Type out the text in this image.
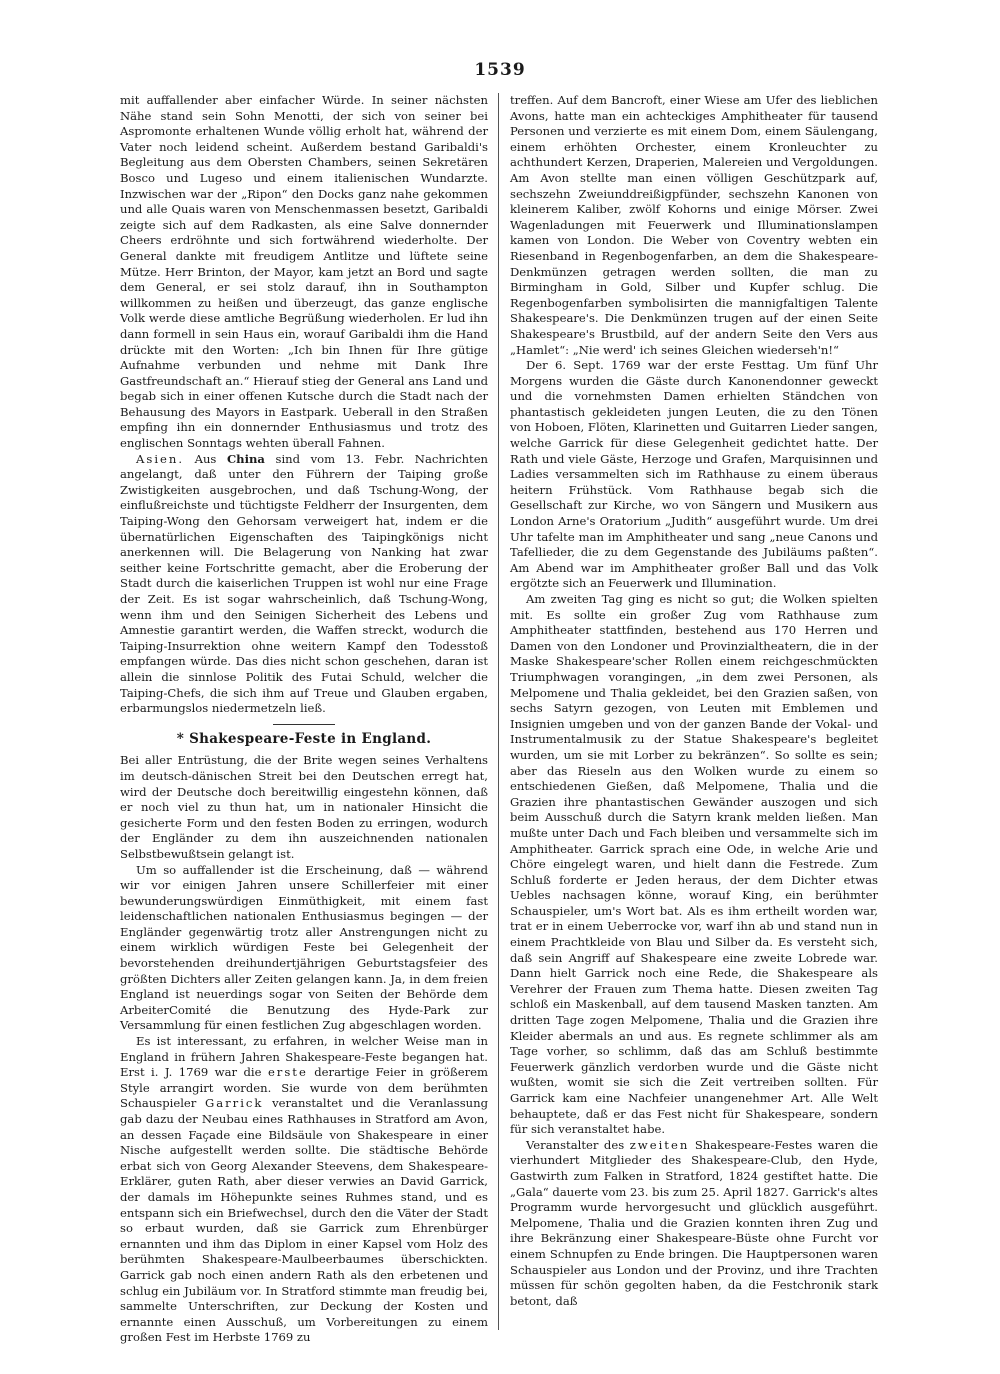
1539

mit auffallender aber einfacher Würde. In seiner nächsten Nähe stand sein Sohn Menotti, der sich von seiner bei Aspromonte erhaltenen Wunde völlig erholt hat, während der Vater noch leidend scheint. Außerdem bestand Garibaldi's Begleitung aus dem Obersten Chambers, seinen Sekretären Bosco und Lugeso und einem italienischen Wundarzte. Inzwischen war der „Ripon“ den Docks ganz nahe gekommen und alle Quais waren von Menschenmassen besetzt, Garibaldi zeigte sich auf dem Radkasten, als eine Salve donnernder Cheers erdröhnte und sich fortwährend wiederholte. Der General dankte mit freudigem Antlitze und lüftete seine Mütze. Herr Brinton, der Mayor, kam jetzt an Bord und sagte dem General, er sei stolz darauf, ihn in Southampton willkommen zu heißen und überzeugt, das ganze englische Volk werde diese amtliche Begrüßung wiederholen. Er lud ihn dann formell in sein Haus ein, worauf Garibaldi ihm die Hand drückte mit den Worten: „Ich bin Ihnen für Ihre gütige Aufnahme verbunden und nehme mit Dank Ihre Gastfreundschaft an.“ Hierauf stieg der General ans Land und begab sich in einer offenen Kutsche durch die Stadt nach der Behausung des Mayors in Eastpark. Ueberall in den Straßen empfing ihn ein donnernder Enthusiasmus und trotz des englischen Sonntags wehten überall Fahnen.

Asien. Aus China sind vom 13. Febr. Nachrichten angelangt, daß unter den Führern der Taiping große Zwistigkeiten ausgebrochen, und daß Tschung-Wong, der einflußreichste und tüchtigste Feldherr der Insurgenten, dem Taiping-Wong den Gehorsam verweigert hat, indem er die übernatürlichen Eigenschaften des Taipingkönigs nicht anerkennen will. Die Belagerung von Nanking hat zwar seither keine Fortschritte gemacht, aber die Eroberung der Stadt durch die kaiserlichen Truppen ist wohl nur eine Frage der Zeit. Es ist sogar wahrscheinlich, daß Tschung-Wong, wenn ihm und den Seinigen Sicherheit des Lebens und Amnestie garantirt werden, die Waffen streckt, wodurch die Taiping-Insurrektion ohne weitern Kampf den Todesstoß empfangen würde. Das dies nicht schon geschehen, daran ist allein die sinnlose Politik des Futai Schuld, welcher die Taiping-Chefs, die sich ihm auf Treue und Glauben ergaben, erbarmungslos niedermetzeln ließ.

* Shakespeare-Feste in England.

Bei aller Entrüstung, die der Brite wegen seines Verhaltens im deutsch-dänischen Streit bei den Deutschen erregt hat, wird der Deutsche doch bereitwillig eingestehn können, daß er noch viel zu thun hat, um in nationaler Hinsicht die gesicherte Form und den festen Boden zu erringen, wodurch der Engländer zu dem ihn auszeichnenden nationalen Selbstbewußtsein gelangt ist.

Um so auffallender ist die Erscheinung, daß — während wir vor einigen Jahren unsere Schillerfeier mit einer bewunderungswürdigen Einmüthigkeit, mit einem fast leidenschaftlichen nationalen Enthusiasmus begingen — der Engländer gegenwärtig trotz aller Anstrengungen nicht zu einem wirklich würdigen Feste bei Gelegenheit der bevorstehenden dreihundertjährigen Geburtstagsfeier des größten Dichters aller Zeiten gelangen kann. Ja, in dem freien England ist neuerdings sogar von Seiten der Behörde dem ArbeiterComité die Benutzung des Hyde-Park zur Versammlung für einen festlichen Zug abgeschlagen worden.

Es ist interessant, zu erfahren, in welcher Weise man in England in frühern Jahren Shakespeare-Feste begangen hat. Erst i. J. 1769 war die erste derartige Feier in größerem Style arrangirt worden. Sie wurde von dem berühmten Schauspieler Garrick veranstaltet und die Veranlassung gab dazu der Neubau eines Rathhauses in Stratford am Avon, an dessen Façade eine Bildsäule von Shakespeare in einer Nische aufgestellt werden sollte. Die städtische Behörde erbat sich von Georg Alexander Steevens, dem Shakespeare-Erklärer, guten Rath, aber dieser verwies an David Garrick, der damals im Höhepunkte seines Ruhmes stand, und es entspann sich ein Briefwechsel, durch den die Väter der Stadt so erbaut wurden, daß sie Garrick zum Ehrenbürger ernannten und ihm das Diplom in einer Kapsel vom Holz des berühmten Shakespeare-Maulbeerbaumes überschickten. Garrick gab noch einen andern Rath als den erbetenen und schlug ein Jubiläum vor. In Stratford stimmte man freudig bei, sammelte Unterschriften, zur Deckung der Kosten und ernannte einen Ausschuß, um Vorbereitungen zu einem großen Fest im Herbste 1769 zu

treffen. Auf dem Bancroft, einer Wiese am Ufer des lieblichen Avons, hatte man ein achteckiges Amphitheater für tausend Personen und verzierte es mit einem Dom, einem Säulengang, einem erhöhten Orchester, einem Kronleuchter zu achthundert Kerzen, Draperien, Malereien und Vergoldungen. Am Avon stellte man einen völligen Geschützpark auf, sechszehn Zweiunddreißigpfünder, sechszehn Kanonen von kleinerem Kaliber, zwölf Kohorns und einige Mörser. Zwei Wagenladungen mit Feuerwerk und Illuminationslampen kamen von London. Die Weber von Coventry webten ein Riesenband in Regenbogenfarben, an dem die Shakespeare-Denkmünzen getragen werden sollten, die man zu Birmingham in Gold, Silber und Kupfer schlug. Die Regenbogenfarben symbolisirten die mannigfaltigen Talente Shakespeare's. Die Denkmünzen trugen auf der einen Seite Shakespeare's Brustbild, auf der andern Seite den Vers aus „Hamlet“: „Nie werd' ich seines Gleichen wiederseh'n!“

Der 6. Sept. 1769 war der erste Festtag. Um fünf Uhr Morgens wurden die Gäste durch Kanonendonner geweckt und die vornehmsten Damen erhielten Ständchen von phantastisch gekleideten jungen Leuten, die zu den Tönen von Hoboen, Flöten, Klarinetten und Guitarren Lieder sangen, welche Garrick für diese Gelegenheit gedichtet hatte. Der Rath und viele Gäste, Herzoge und Grafen, Marquisinnen und Ladies versammelten sich im Rathhause zu einem überaus heitern Frühstück. Vom Rathhause begab sich die Gesellschaft zur Kirche, wo von Sängern und Musikern aus London Arne's Oratorium „Judith“ ausgeführt wurde. Um drei Uhr tafelte man im Amphitheater und sang „neue Canons und Tafellieder, die zu dem Gegenstande des Jubiläums paßten“. Am Abend war im Amphitheater großer Ball und das Volk ergötzte sich an Feuerwerk und Illumination.

Am zweiten Tag ging es nicht so gut; die Wolken spielten mit. Es sollte ein großer Zug vom Rathhause zum Amphitheater stattfinden, bestehend aus 170 Herren und Damen von den Londoner und Provinzialtheatern, die in der Maske Shakespeare'scher Rollen einem reichgeschmückten Triumphwagen vorangingen, „in dem zwei Personen, als Melpomene und Thalia gekleidet, bei den Grazien saßen, von sechs Satyrn gezogen, von Leuten mit Emblemen und Insignien umgeben und von der ganzen Bande der Vokal- und Instrumentalmusik zu der Statue Shakespeare's begleitet wurden, um sie mit Lorber zu bekränzen“. So sollte es sein; aber das Rieseln aus den Wolken wurde zu einem so entschiedenen Gießen, daß Melpomene, Thalia und die Grazien ihre phantastischen Gewänder auszogen und sich beim Ausschuß durch die Satyrn krank melden ließen. Man mußte unter Dach und Fach bleiben und versammelte sich im Amphitheater. Garrick sprach eine Ode, in welche Arie und Chöre eingelegt waren, und hielt dann die Festrede. Zum Schluß forderte er Jeden heraus, der dem Dichter etwas Uebles nachsagen könne, worauf King, ein berühmter Schauspieler, um's Wort bat. Als es ihm ertheilt worden war, trat er in einem Ueberrocke vor, warf ihn ab und stand nun in einem Prachtkleide von Blau und Silber da. Es versteht sich, daß sein Angriff auf Shakespeare eine zweite Lobrede war. Dann hielt Garrick noch eine Rede, die Shakespeare als Verehrer der Frauen zum Thema hatte. Diesen zweiten Tag schloß ein Maskenball, auf dem tausend Masken tanzten. Am dritten Tage zogen Melpomene, Thalia und die Grazien ihre Kleider abermals an und aus. Es regnete schlimmer als am Tage vorher, so schlimm, daß das am Schluß bestimmte Feuerwerk gänzlich verdorben wurde und die Gäste nicht wußten, womit sie sich die Zeit vertreiben sollten. Für Garrick kam eine Nachfeier unangenehmer Art. Alle Welt behauptete, daß er das Fest nicht für Shakespeare, sondern für sich veranstaltet habe.

Veranstalter des zweiten Shakespeare-Festes waren die vierhundert Mitglieder des Shakespeare-Club, den Hyde, Gastwirth zum Falken in Stratford, 1824 gestiftet hatte. Die „Gala“ dauerte vom 23. bis zum 25. April 1827. Garrick's altes Programm wurde hervorgesucht und glücklich ausgeführt. Melpomene, Thalia und die Grazien konnten ihren Zug und ihre Bekränzung einer Shakespeare-Büste ohne Furcht vor einem Schnupfen zu Ende bringen. Die Hauptpersonen waren Schauspieler aus London und der Provinz, und ihre Trachten müssen für schön gegolten haben, da die Festchronik stark betont, daß
